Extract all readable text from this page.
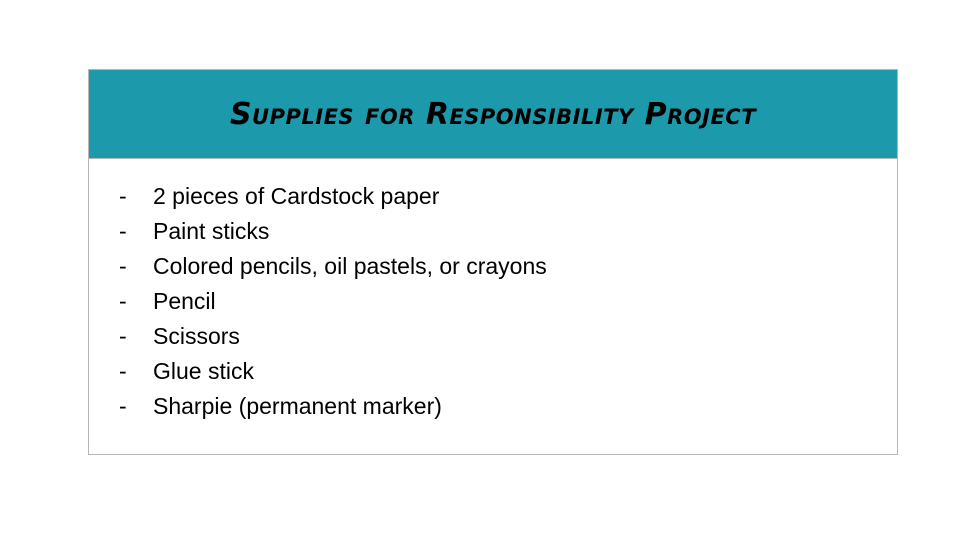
Supplies for Responsibility Project
-	2 pieces of Cardstock paper
-	Paint sticks
-	Colored pencils, oil pastels, or crayons
-	Pencil
-	Scissors
-	Glue stick
-	Sharpie (permanent marker)
